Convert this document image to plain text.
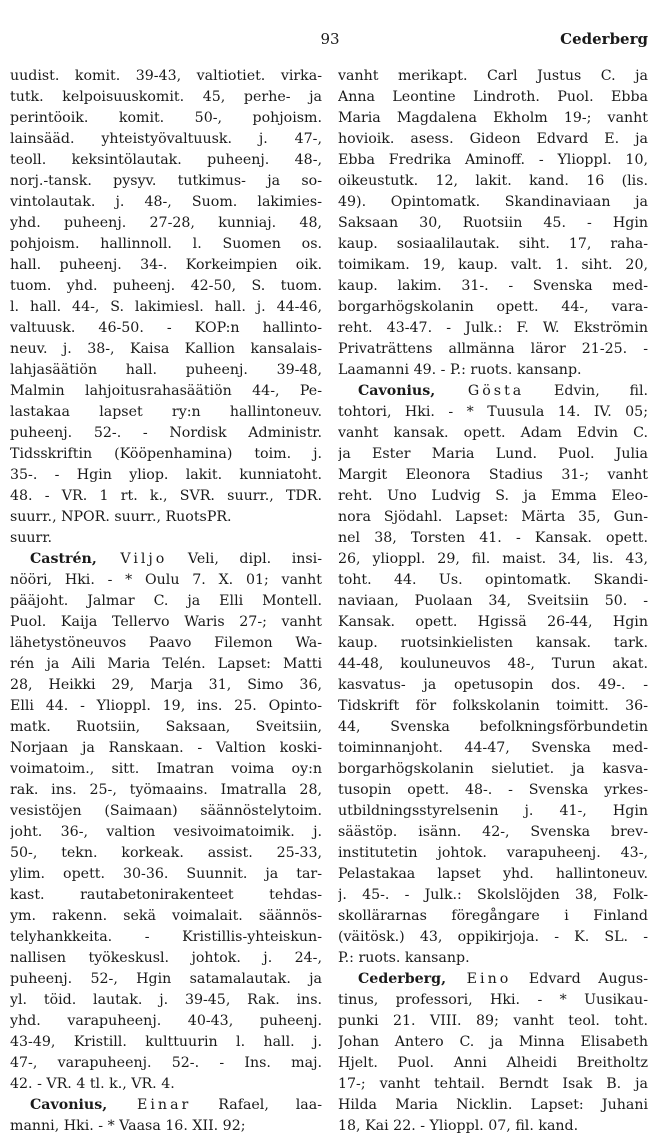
93	Cederberg
uudist. komit. 39-43, valtiotiet. virka-
tutk. kelpoisuuskomit. 45, perhe- ja
perintöoik. komit. 50-, pohjoism.
lainsääd. yhteistyövaltuusk. j. 47-,
teoll. keksintölautak. puheenj. 48-,
norj.-tansk. pysyv. tutkimus- ja so-
vintolautak. j. 48-, Suom. lakimies-
yhd. puheenj. 27-28, kunniaj. 48,
pohjoism. hallinnoll. l. Suomen os.
hall. puheenj. 34-. Korkeimpien oik.
tuom. yhd. puheenj. 42-50, S. tuom.
l. hall. 44-, S. lakimiesl. hall. j. 44-46,
valtuusk. 46-50. - KOP:n hallinto-
neuv. j. 38-, Kaisa Kallion kansalais-
lahjasäätiön hall. puheenj. 39-48,
Malmin lahjoitusrahasäätiön 44-, Pe-
lastakaa lapset ry:n hallintoneuv.
puheenj. 52-. - Nordisk Administr.
Tidsskriftin (Kööpenhamina) toim. j.
35-. - Hgin yliop. lakit. kunniatoht.
48. - VR. 1 rt. k., SVR. suurr., TDR.
suurr., NPOR. suurr., RuotsPR.
suurr.
Castrén, Viljo Veli, dipl. insi-
nööri, Hki. - * Oulu 7. X. 01; vanht
pääjoht. Jalmar C. ja Elli Montell.
Puol. Kaija Tellervo Waris 27-; vanht
lähetystöneuvos Paavo Filemon Wa-
rén ja Aili Maria Telén. Lapset: Matti
28, Heikki 29, Marja 31, Simo 36,
Elli 44. - Ylioppl. 19, ins. 25. Opinto-
matk. Ruotsiin, Saksaan, Sveitsiin,
Norjaan ja Ranskaan. - Valtion koski-
voimatoim., sitt. Imatran voima oy:n
rak. ins. 25-, työmaains. Imatralla 28,
vesistöjen (Saimaan) säännöstelytoim.
joht. 36-, valtion vesivoimatoimik. j.
50-, tekn. korkeak. assist. 25-33,
ylim. opett. 30-36. Suunnit. ja tar-
kast. rautabetonirakenteet tehdas-
ym. rakenn. sekä voimalait. säännös-
telyhankkeita. - Kristillis-yhteiskun-
nallisen työkeskusl. johtok. j. 24-,
puheenj. 52-, Hgin satamalautak. ja
yl. töid. lautak. j. 39-45, Rak. ins.
yhd. varapuheenj. 40-43, puheenj.
43-49, Kristill. kulttuurin l. hall. j.
47-, varapuheenj. 52-. - Ins. maj.
42. - VR. 4 tl. k., VR. 4.
Cavonius, Einar Rafael, laa-
manni, Hki. - * Vaasa 16. XII. 92;
vanht merikapt. Carl Justus C. ja
Anna Leontine Lindroth. Puol. Ebba
Maria Magdalena Ekholm 19-; vanht
hovioik. asess. Gideon Edvard E. ja
Ebba Fredrika Aminoff. - Ylioppl. 10,
oikeustutk. 12, lakit. kand. 16 (lis.
49). Opintomatk. Skandinaviaan ja
Saksaan 30, Ruotsiin 45. - Hgin
kaup. sosiaalilautak. siht. 17, raha-
toimikam. 19, kaup. valt. 1. siht. 20,
kaup. lakim. 31-. - Svenska med-
borgarhögskolanin opett. 44-, vara-
reht. 43-47. - Julk.: F. W. Ekströmin
Privaträttens allmänna läror 21-25. -
Laamanni 49. - P.: ruots. kansanp.
Cavonius, Gösta Edvin, fil.
tohtori, Hki. - * Tuusula 14. IV. 05;
vanht kansak. opett. Adam Edvin C.
ja Ester Maria Lund. Puol. Julia
Margit Eleonora Stadius 31-; vanht
reht. Uno Ludvig S. ja Emma Eleo-
nora Sjödahl. Lapset: Märta 35, Gun-
nel 38, Torsten 41. - Kansak. opett.
26, ylioppl. 29, fil. maist. 34, lis. 43,
toht. 44. Us. opintomatk. Skandi-
naviaan, Puolaan 34, Sveitsiin 50. -
Kansak. opett. Hgissä 26-44, Hgin
kaup. ruotsinkielisten kansak. tark.
44-48, kouluneuvos 48-, Turun akat.
kasvatus- ja opetusopin dos. 49-. -
Tidskrift för folkskolanin toimitt. 36-
44, Svenska befolkningsförbundetin
toiminnanjoht. 44-47, Svenska med-
borgarhögskolanin sielutiet. ja kasva-
tusopin opett. 48-. - Svenska yrkes-
utbildningsstyrelsenin j. 41-, Hgin
säästöp. isänn. 42-, Svenska brev-
institutetin johtok. varapuheenj. 43-,
Pelastakaa lapset yhd. hallintoneuv.
j. 45-. - Julk.: Skolslöjden 38, Folk-
skollärarnas föregångare i Finland
(väitösk.) 43, oppikirjoja. - K. SL. -
P.: ruots. kansanp.
Cederberg, Eino Edvard Augus-
tinus, professori, Hki. - * Uusikau-
punki 21. VIII. 89; vanht teol. toht.
Johan Antero C. ja Minna Elisabeth
Hjelt. Puol. Anni Alheidi Breitholtz
17-; vanht tehtail. Berndt Isak B. ja
Hilda Maria Nicklin. Lapset: Juhani
18, Kai 22. - Ylioppl. 07, fil. kand.
